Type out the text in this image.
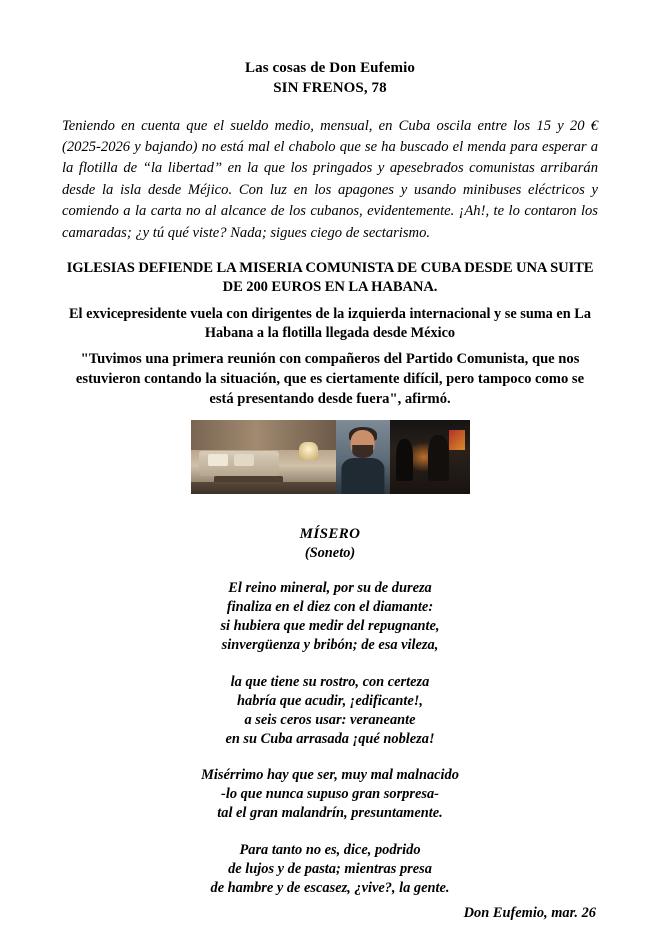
Las cosas de Don Eufemio
SIN FRENOS, 78

Teniendo en cuenta que el sueldo medio, mensual, en Cuba oscila entre los 15 y 20 € (2025-2026 y bajando) no está mal el chabolo que se ha buscado el menda para esperar a la flotilla de “la libertad” en la que los pringados y apesebrados comunistas arribarán desde la isla desde Méjico. Con luz en los apagones y usando minibuses eléctricos y comiendo a la carta no al alcance de los cubanos, evidentemente. ¡Ah!, te lo contaron los camaradas; ¿y tú qué viste? Nada; sigues ciego de sectarismo.

IGLESIAS DEFIENDE LA MISERIA COMUNISTA DE CUBA DESDE UNA SUITE DE 200 EUROS EN LA HABANA.
El exvicepresidente vuela con dirigentes de la izquierda internacional y se suma en La Habana a la flotilla llegada desde México
"Tuvimos una primera reunión con compañeros del Partido Comunista, que nos estuvieron contando la situación, que es ciertamente difícil, pero tampoco como se está presentando desde fuera", afirmó.
MÍSERO
(Soneto)
El reino mineral, por su de dureza
finaliza en el diez con el diamante:
si hubiera que medir del repugnante,
sinvergüenza y bribón; de esa vileza,
la que tiene su rostro, con certeza
habría que acudir, ¡edificante!,
a seis ceros usar: veraneante
en su Cuba arrasada ¡qué nobleza!
Misérrimo hay que ser, muy mal malnacido
-lo que nunca supuso gran sorpresa-
tal el gran malandrín, presuntamente.
Para tanto no es, dice, podrido
de lujos y de pasta; mientras presa
de hambre y de escasez, ¿vive?, la gente.
Don Eufemio, mar. 26
